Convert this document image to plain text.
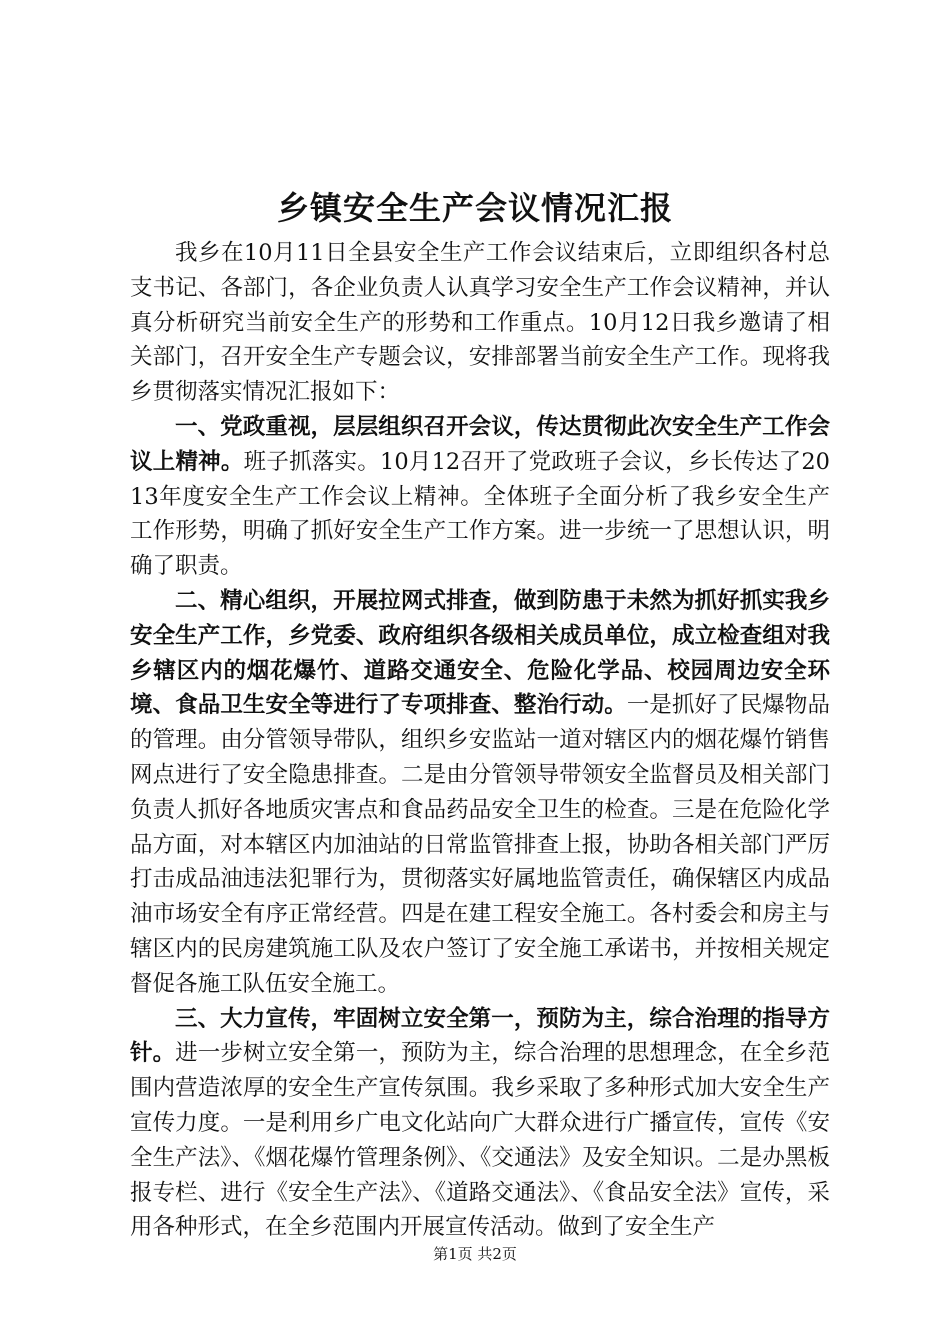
乡镇安全生产会议情况汇报

我乡在10月11日全县安全生产工作会议结束后，立即组织各村总支书记、各部门，各企业负责人认真学习安全生产工作会议精神，并认真分析研究当前安全生产的形势和工作重点。10月12日我乡邀请了相关部门，召开安全生产专题会议，安排部署当前安全生产工作。现将我乡贯彻落实情况汇报如下：

一、党政重视，层层组织召开会议，传达贯彻此次安全生产工作会议上精神。班子抓落实。10月12召开了党政班子会议，乡长传达了2013年度安全生产工作会议上精神。全体班子全面分析了我乡安全生产工作形势，明确了抓好安全生产工作方案。进一步统一了思想认识，明确了职责。

二、精心组织，开展拉网式排查，做到防患于未然为抓好抓实我乡安全生产工作，乡党委、政府组织各级相关成员单位，成立检查组对我乡辖区内的烟花爆竹、道路交通安全、危险化学品、校园周边安全环境、食品卫生安全等进行了专项排查、整治行动。一是抓好了民爆物品的管理。由分管领导带队，组织乡安监站一道对辖区内的烟花爆竹销售网点进行了安全隐患排查。二是由分管领导带领安全监督员及相关部门负责人抓好各地质灾害点和食品药品安全卫生的检查。三是在危险化学品方面，对本辖区内加油站的日常监管排查上报，协助各相关部门严厉打击成品油违法犯罪行为，贯彻落实好属地监管责任，确保辖区内成品油市场安全有序正常经营。四是在建工程安全施工。各村委会和房主与辖区内的民房建筑施工队及农户签订了安全施工承诺书，并按相关规定督促各施工队伍安全施工。

三、大力宣传，牢固树立安全第一，预防为主，综合治理的指导方针。进一步树立安全第一，预防为主，综合治理的思想理念，在全乡范围内营造浓厚的安全生产宣传氛围。我乡采取了多种形式加大安全生产宣传力度。一是利用乡广电文化站向广大群众进行广播宣传，宣传《安全生产法》、《烟花爆竹管理条例》、《交通法》及安全知识。二是办黑板报专栏、进行《安全生产法》、《道路交通法》、《食品安全法》宣传，采用各种形式，在全乡范围内开展宣传活动。做到了安全生产

第1页 共2页
